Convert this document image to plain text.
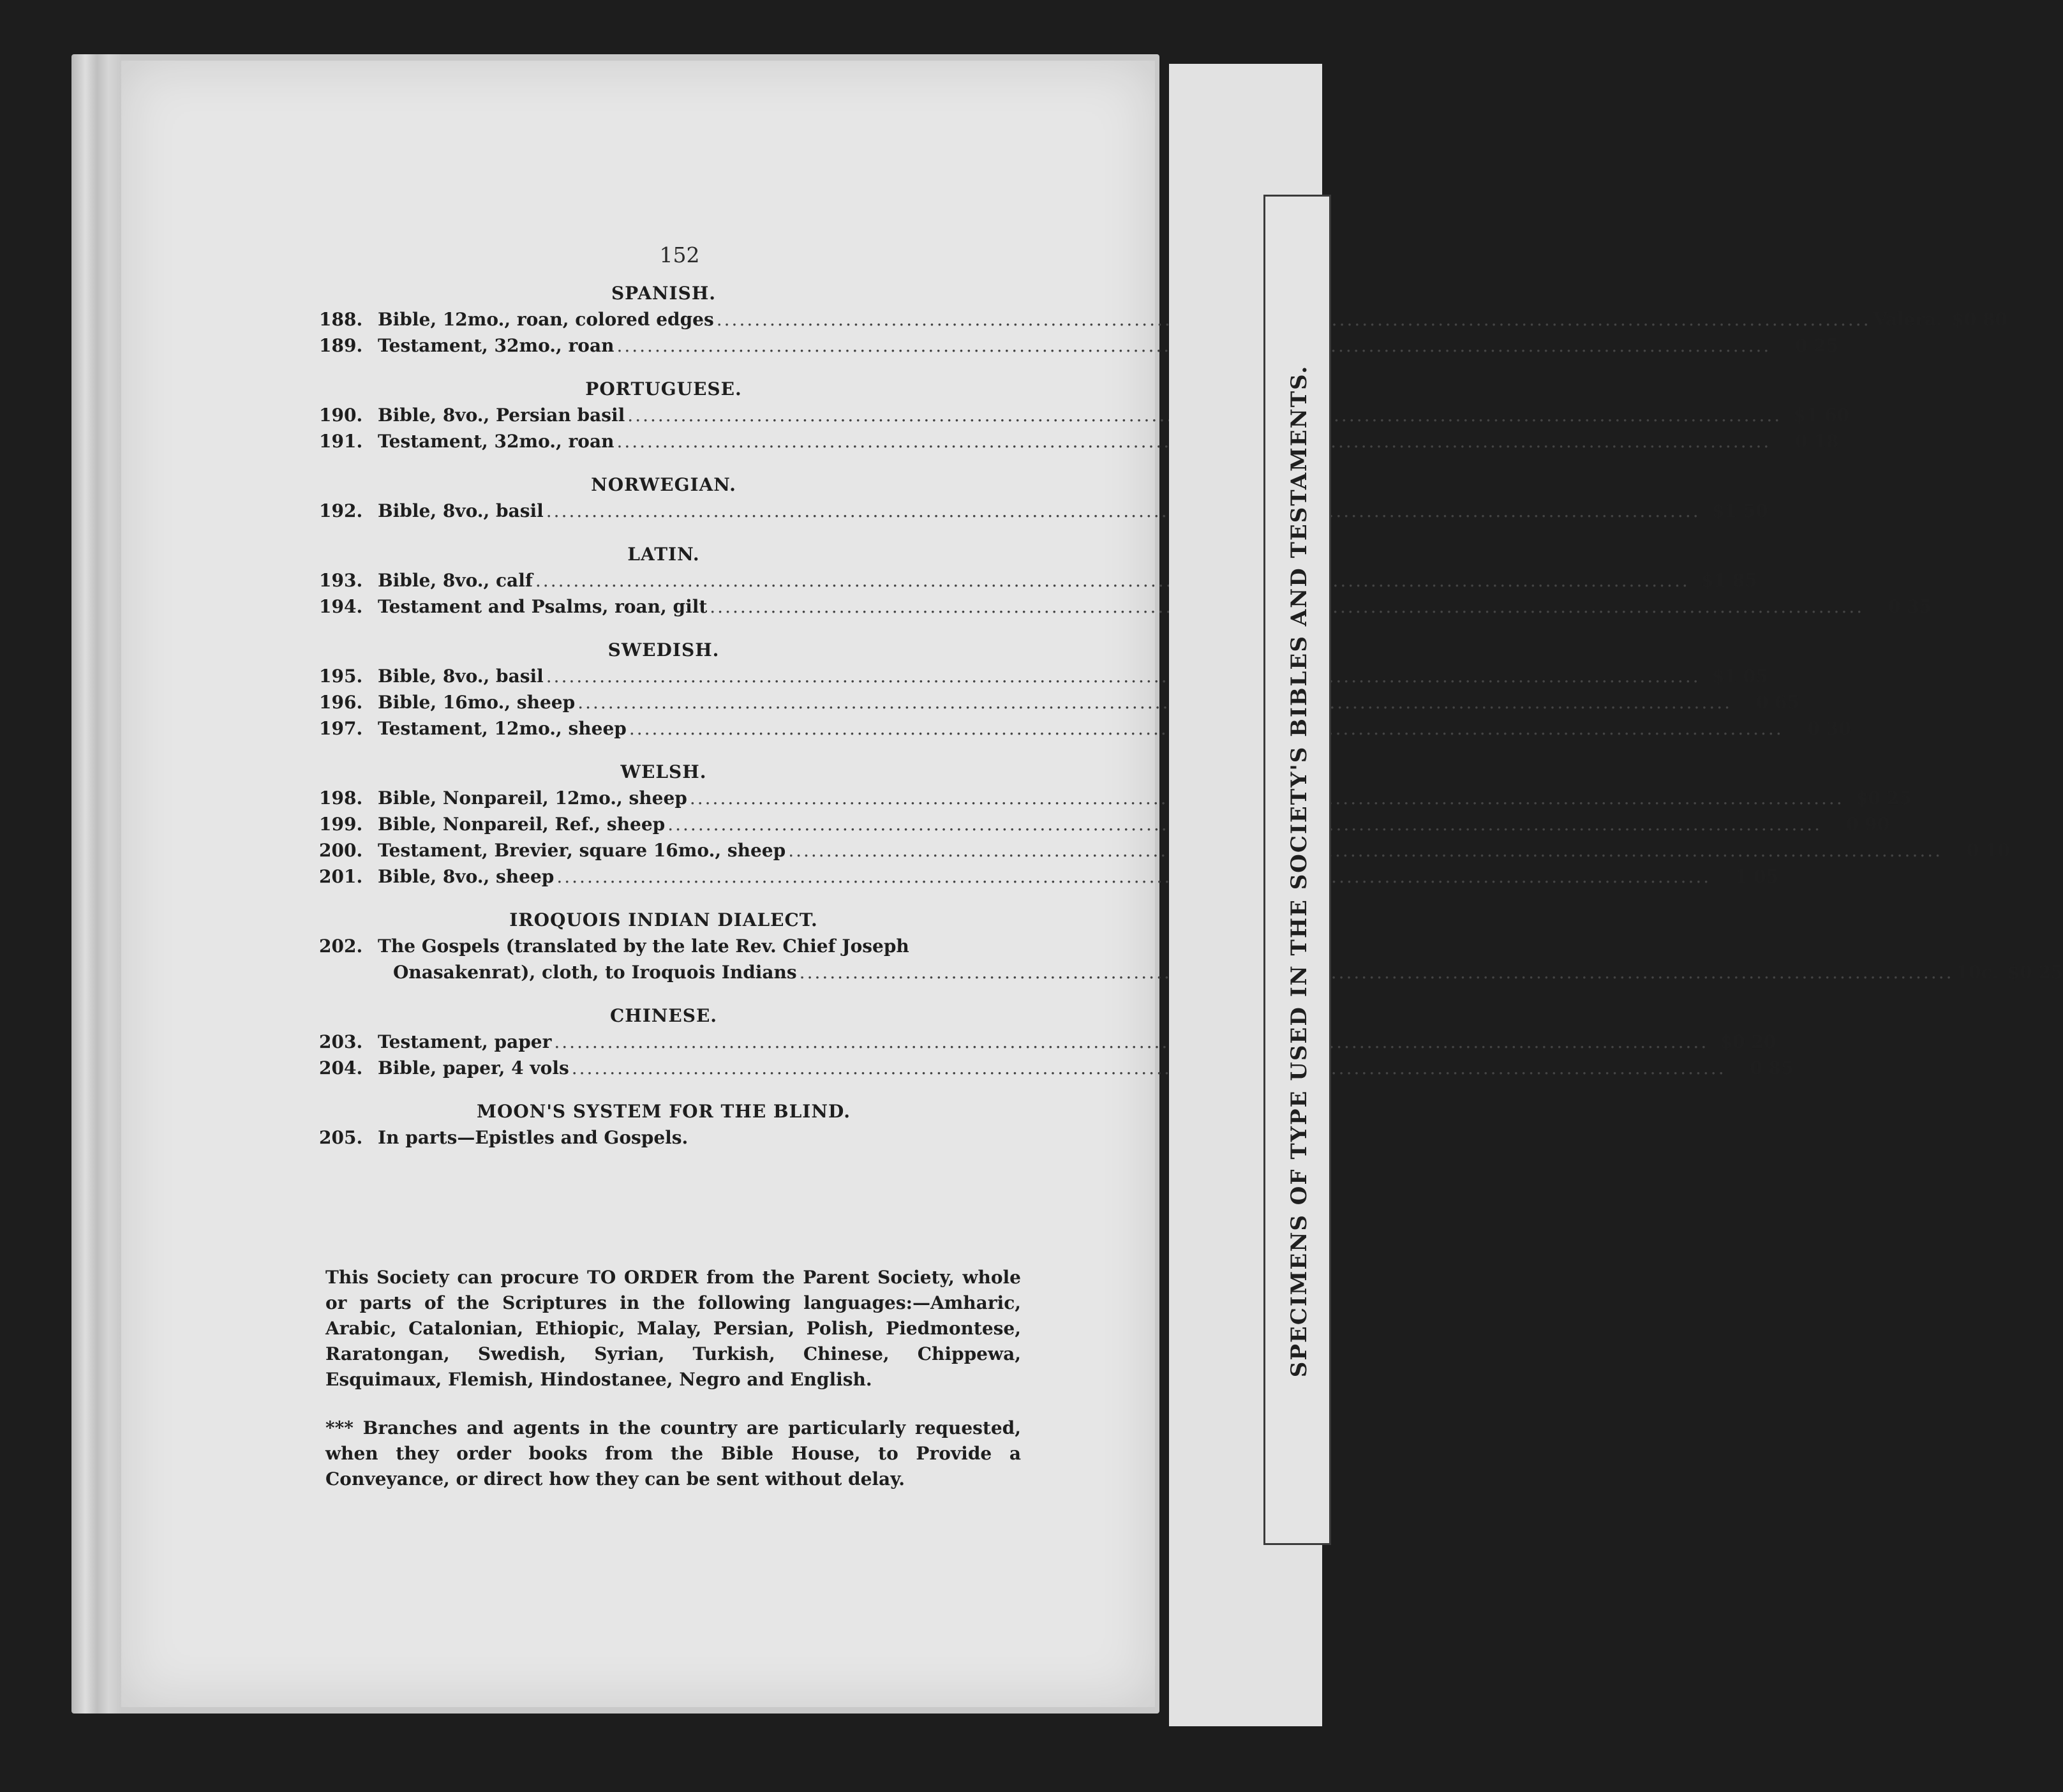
152
SPANISH.
188. Bible, 12mo., roan, colored edges .....	Valera. $0 80
189. Testament, 32mo., roan .....	0 25
PORTUGUESE.
190. Bible, 8vo., Persian basil .....	$1 60
191. Testament, 32mo., roan .....	0 18
NORWEGIAN.
192. Bible, 8vo., basil .....	$1 50
LATIN.
193. Bible, 8vo., calf .....	$1 85
194. Testament and Psalms, roan, gilt .....	0 35
SWEDISH.
195. Bible, 8vo., basil .....	$1 05
196. Bible, 16mo., sheep .....	0 65
197. Testament, 12mo., sheep .....	0 30
WELSH.
198. Bible, Nonpareil, 12mo., sheep .....	$0 25
199. Bible, Nonpareil, Ref., sheep .....	0 90
200. Testament, Brevier, square 16mo., sheep .....	0 10
201. Bible, 8vo., sheep .....	1 05
IROQUOIS INDIAN DIALECT.
202. The Gospels (translated by the late Rev. Chief Joseph
Onasakenrat), cloth, to Iroquois Indians .....	10c. $0 25
CHINESE.
203. Testament, paper .....	$0 20
204. Bible, paper, 4 vols .....	0 85
MOON'S SYSTEM FOR THE BLIND.
205. In parts—Epistles and Gospels.
This Society can procure TO ORDER from the Parent Society, whole or parts of the Scriptures in the following languages:—Amharic, Arabic, Catalonian, Ethiopic, Malay, Persian, Polish, Piedmontese, Raratongan, Swedish, Syrian, Turkish, Chinese, Chippewa, Esquimaux, Flemish, Hindostanee, Negro and English.
*** Branches and agents in the country are particularly requested, when they order books from the Bible House, to Provide a Conveyance, or direct how they can be sent without delay.
SPECIMENS OF TYPE USED IN THE SOCIETY'S BIBLES AND TESTAMENTS.
